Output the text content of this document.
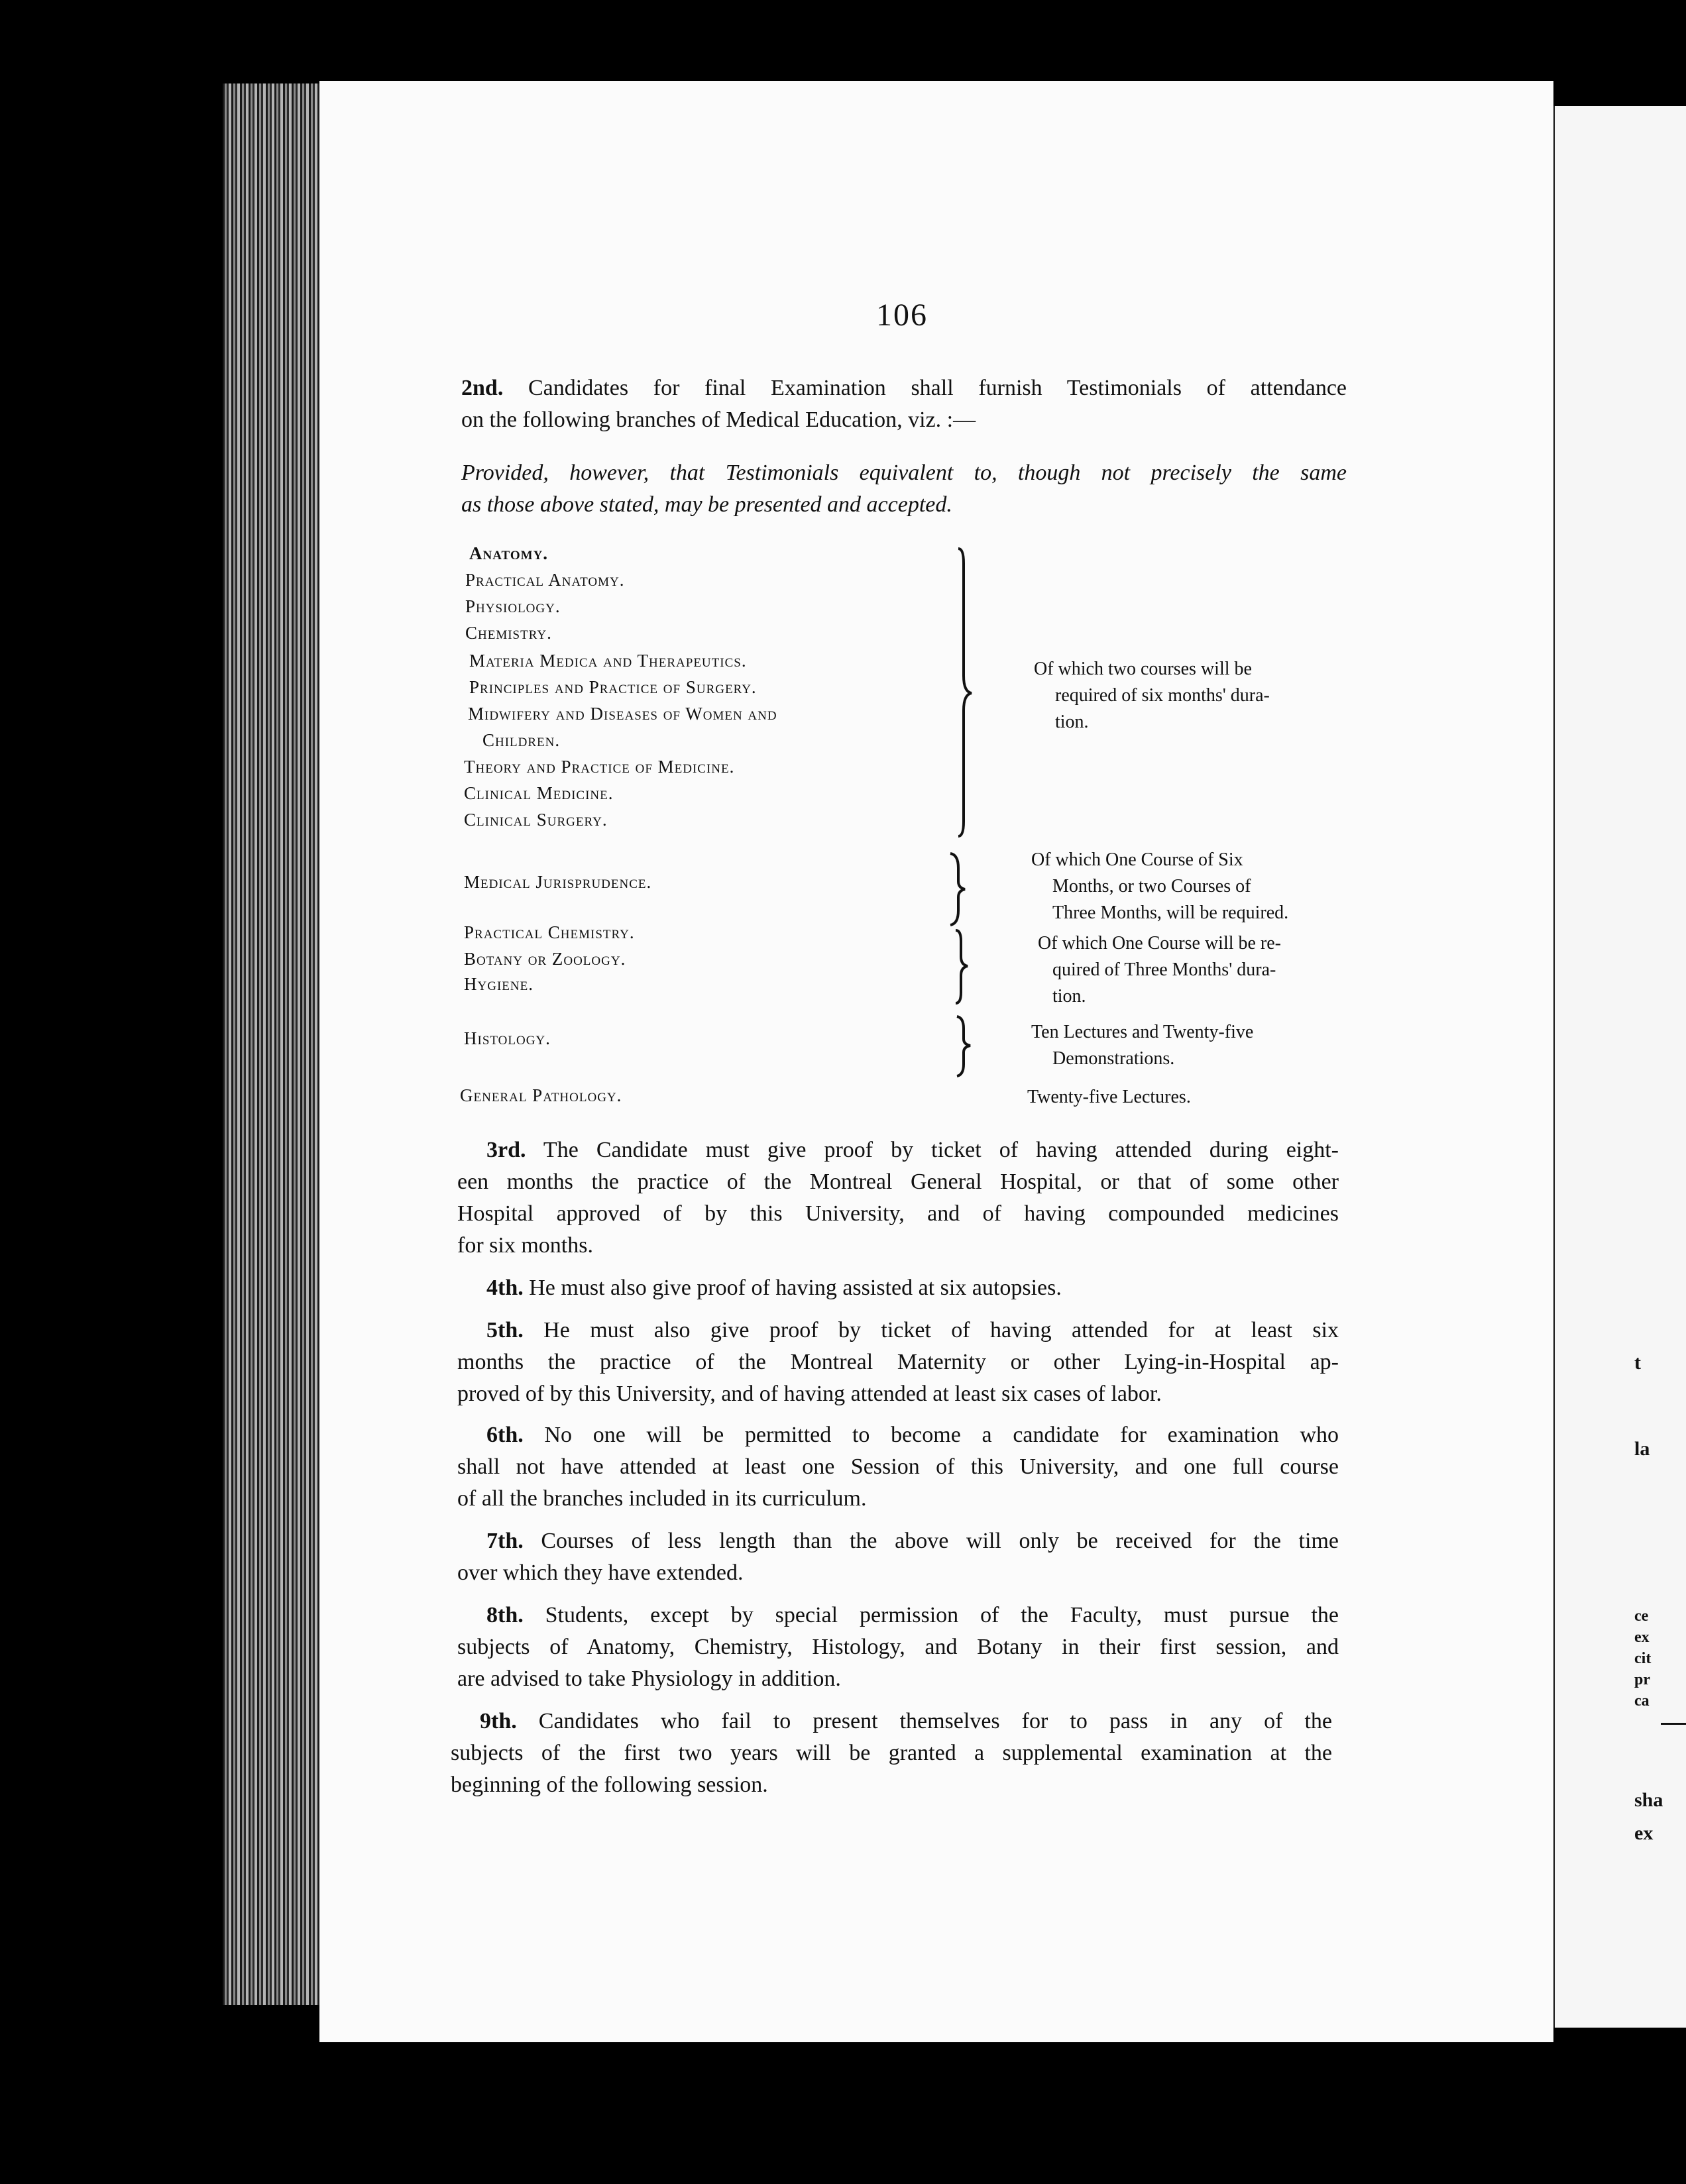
t
la
ce
ex
cit
pr
ca
sha
ex
106

2nd. Candidates for final Examination shall furnish Testimonials of attendance
on the following branches of Medical Education, viz. :—

Provided, however, that Testimonials equivalent to, though not precisely the same
as those above stated, may be presented and accepted.

Anatomy.
Practical Anatomy.
Physiology.
Chemistry.
Materia Medica and Therapeutics.
Principles and Practice of Surgery.
Midwifery and Diseases of Women and
Children.
Theory and Practice of Medicine.
Clinical Medicine.
Clinical Surgery.
Of which two courses will be
required of six months' dura-
tion.
Medical Jurisprudence.
Of which One Course of Six
Months, or two Courses of
Three Months, will be required.
Practical Chemistry.
Botany or Zoology.
Hygiene.
Of which One Course will be re-
quired of Three Months' dura-
tion.
Histology.	Ten Lectures and Twenty-five
Demonstrations.
General Pathology.	Twenty-five Lectures.

3rd. The Candidate must give proof by ticket of having attended during eight-
een months the practice of the Montreal General Hospital, or that of some other
Hospital approved of by this University, and of having compounded medicines
for six months.

4th. He must also give proof of having assisted at six autopsies.

5th. He must also give proof by ticket of having attended for at least six
months the practice of the Montreal Maternity or other Lying-in-Hospital ap-
proved of by this University, and of having attended at least six cases of labor.

6th. No one will be permitted to become a candidate for examination who
shall not have attended at least one Session of this University, and one full course
of all the branches included in its curriculum.

7th. Courses of less length than the above will only be received for the time
over which they have extended.

8th. Students, except by special permission of the Faculty, must pursue the
subjects of Anatomy, Chemistry, Histology, and Botany in their first session, and
are advised to take Physiology in addition.

9th. Candidates who fail to present themselves for to pass in any of the
subjects of the first two years will be granted a supplemental examination at the
beginning of the following session.
